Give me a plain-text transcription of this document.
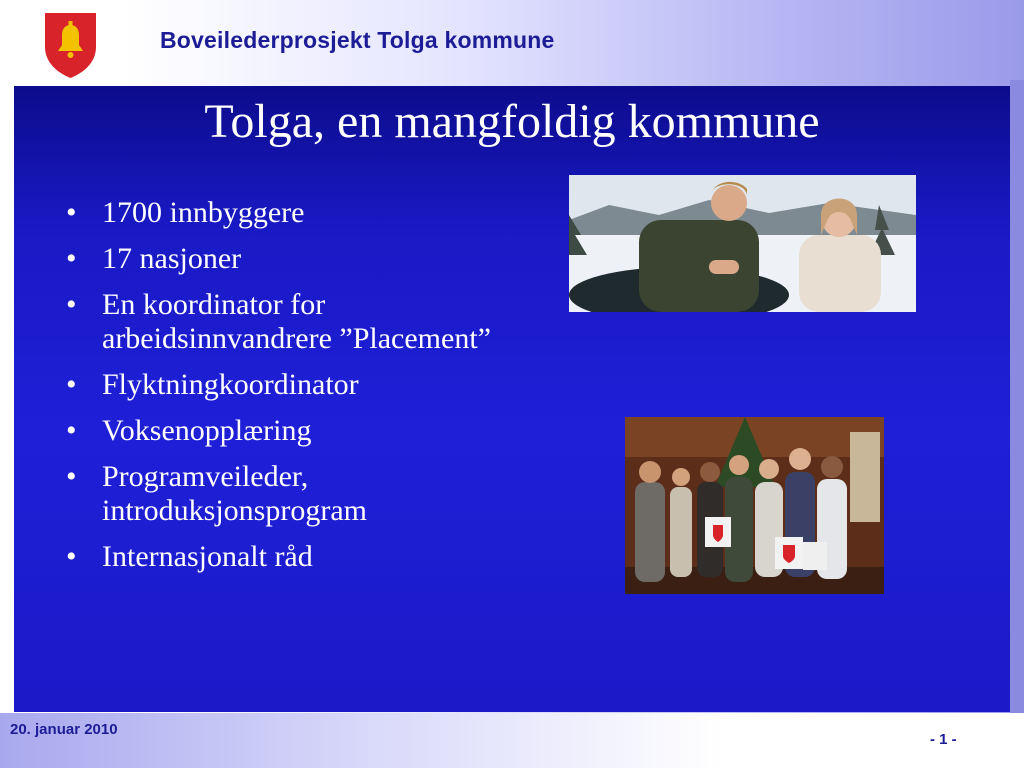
Boveilederprosjekt Tolga kommune
Tolga, en mangfoldig kommune
• 1700 innbyggere
• 17 nasjoner
• En koordinator for arbeidsinnvandrere ”Placement”
• Flyktningkoordinator
• Voksenopplæring
• Programveileder, introduksjonsprogram
• Internasjonalt råd
20. januar 2010
- 1 -
